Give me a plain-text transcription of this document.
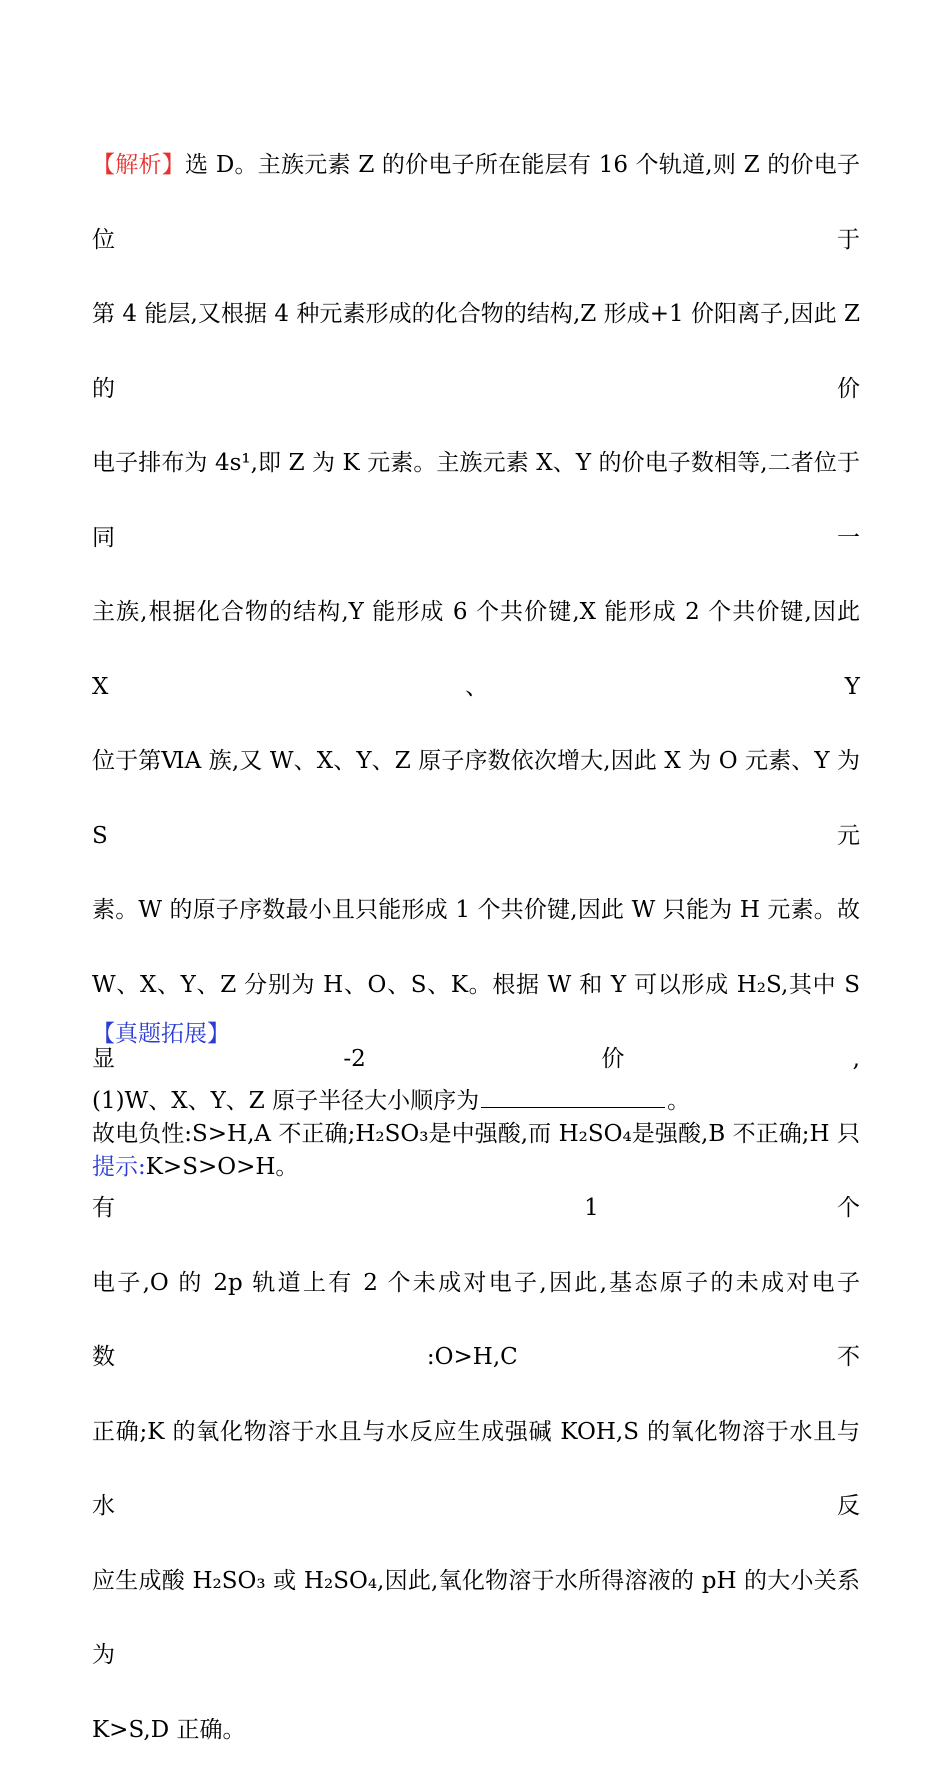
【解析】选 D。主族元素 Z 的价电子所在能层有 16 个轨道,则 Z 的价电子位于
第 4 能层,又根据 4 种元素形成的化合物的结构,Z 形成+1 价阳离子,因此 Z 的价
电子排布为 4s¹,即 Z 为 K 元素。主族元素 X、Y 的价电子数相等,二者位于同一
主族,根据化合物的结构,Y 能形成 6 个共价键,X 能形成 2 个共价键,因此 X、Y
位于第ⅥA 族,又 W、X、Y、Z 原子序数依次增大,因此 X 为 O 元素、Y 为 S 元
素。W 的原子序数最小且只能形成 1 个共价键,因此 W 只能为 H 元素。故
W、X、Y、Z 分别为 H、O、S、K。根据 W 和 Y 可以形成 H₂S,其中 S 显-2 价,
故电负性:S>H,A 不正确;H₂SO₃是中强酸,而 H₂SO₄是强酸,B 不正确;H 只有 1 个
电子,O 的 2p 轨道上有 2 个未成对电子,因此,基态原子的未成对电子数:O>H,C 不
正确;K 的氧化物溶于水且与水反应生成强碱 KOH,S 的氧化物溶于水且与水反
应生成酸 H₂SO₃ 或 H₂SO₄,因此,氧化物溶于水所得溶液的 pH 的大小关系为
K>S,D 正确。
【真题拓展】
(1)W、X、Y、Z 原子半径大小顺序为	。
提示:K>S>O>H。
